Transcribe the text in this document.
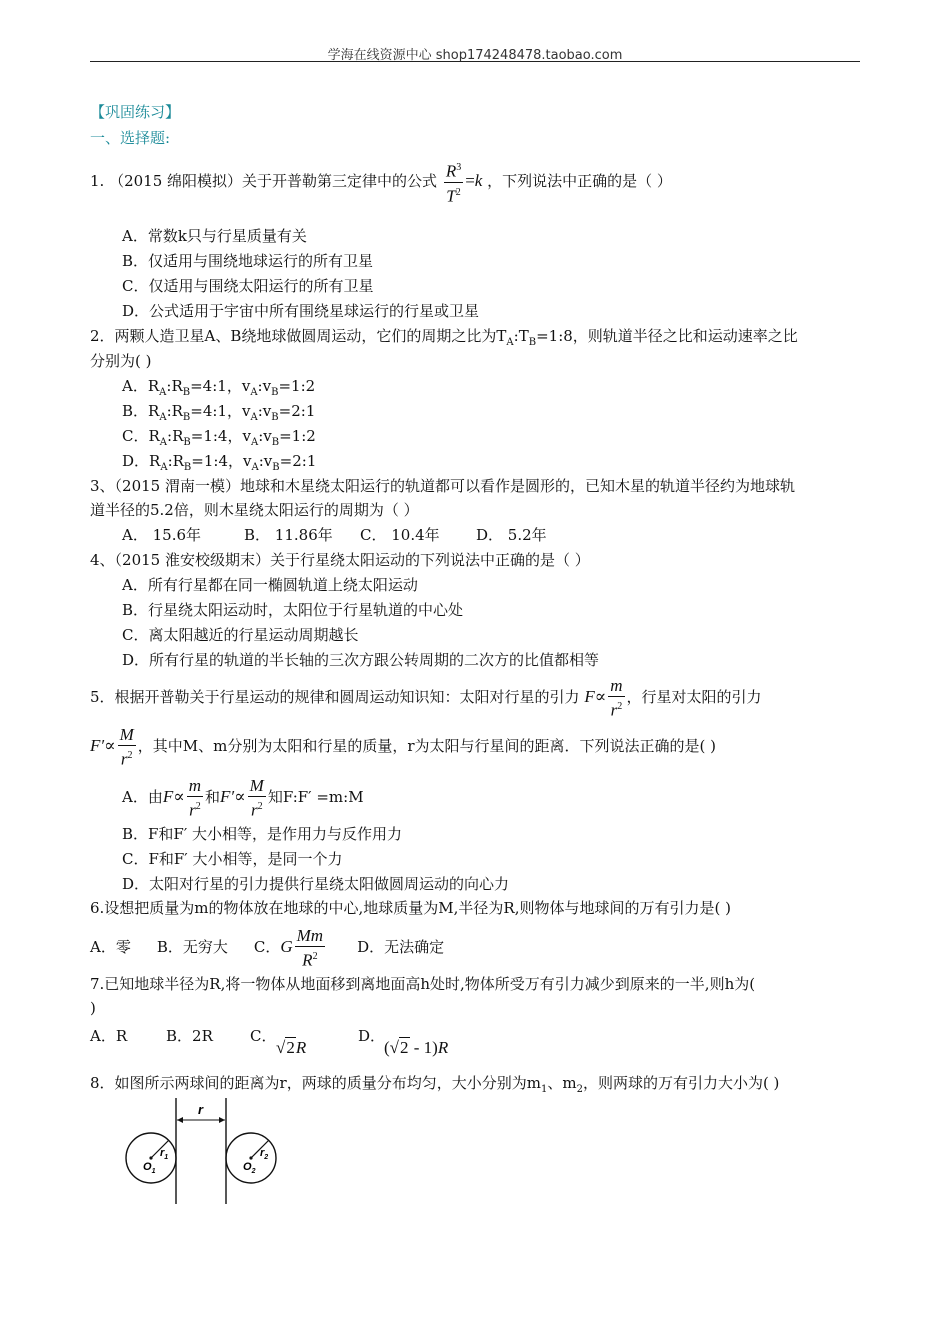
学海在线资源中心 shop174248478.taobao.com
【巩固练习】
一、选择题:
1. （2015 绵阳模拟）关于开普勒第三定律中的公式 $\frac{R^3}{T^2} =k$ ，下列说法中正确的是（ ）
A．常数k只与行星质量有关
B．仅适用与围绕地球运行的所有卫星
C．仅适用与围绕太阳运行的所有卫星
D．公式适用于宇宙中所有围绕星球运行的行星或卫星
2．两颗人造卫星A、B绕地球做圆周运动，它们的周期之比为$T_A:T_B=1:8$，则轨道半径之比和运动速率之比
分别为( )
A．$R_A:R_B=4:1$，$v_A:v_B=1:2$
B．$R_A:R_B=4:1$，$v_A:v_B=2:1$
C．$R_A:R_B=1:4$，$v_A:v_B=1:2$
D．$R_A:R_B=1:4$，$v_A:v_B=2:1$
3、（2015 渭南一模）地球和木星绕太阳运行的轨道都可以看作是圆形的，已知木星的轨道半径约为地球轨
道半径的5.2倍，则木星绕太阳运行的周期为（ ）
A． 15.6年	B． 11.86年 C． 10.4年 D． 5.2年
4、（2015 淮安校级期末）关于行星绕太阳运动的下列说法中正确的是（ ）
A．所有行星都在同一椭圆轨道上绕太阳运动
B．行星绕太阳运动时，太阳位于行星轨道的中心处
C．离太阳越近的行星运动周期越长
D．所有行星的轨道的半长轴的三次方跟公转周期的二次方的比值都相等
5．根据开普勒关于行星运动的规律和圆周运动知识知：太阳对行星的引力 $F\propto \frac{m}{r^2}$ ，行星对太阳的引力
$F'\propto \frac{M}{r^2}$ ，其中M、m分别为太阳和行星的质量，r为太阳与行星间的距离．下列说法正确的是( )
A．由$F\propto \frac{m}{r^2}$ 和$F'\propto \frac{M}{r^2}$ 知F:F′ =m:M
B．F和F′ 大小相等，是作用力与反作用力
C．F和F′ 大小相等，是同一个力
D．太阳对行星的引力提供行星绕太阳做圆周运动的向心力
6.设想把质量为m的物体放在地球的中心,地球质量为M,半径为R,则物体与地球间的万有引力是( )
A．零 B．无穷大 C．G $\frac{Mm}{R^2}$ D．无法确定
7.已知地球半径为R,将一物体从地面移到离地面高h处时,物体所受万有引力减少到原来的一半,则h为(
)
A．R	B．2R C．
√2R
D．
(√2 - 1)R
8．如图所示两球间的距离为r，两球的质量分布均匀，大小分别为$m_1$、$m_2$，则两球的万有引力大小为( )
r
$r_1$
$O_1$
$r_2$
$O_2$
